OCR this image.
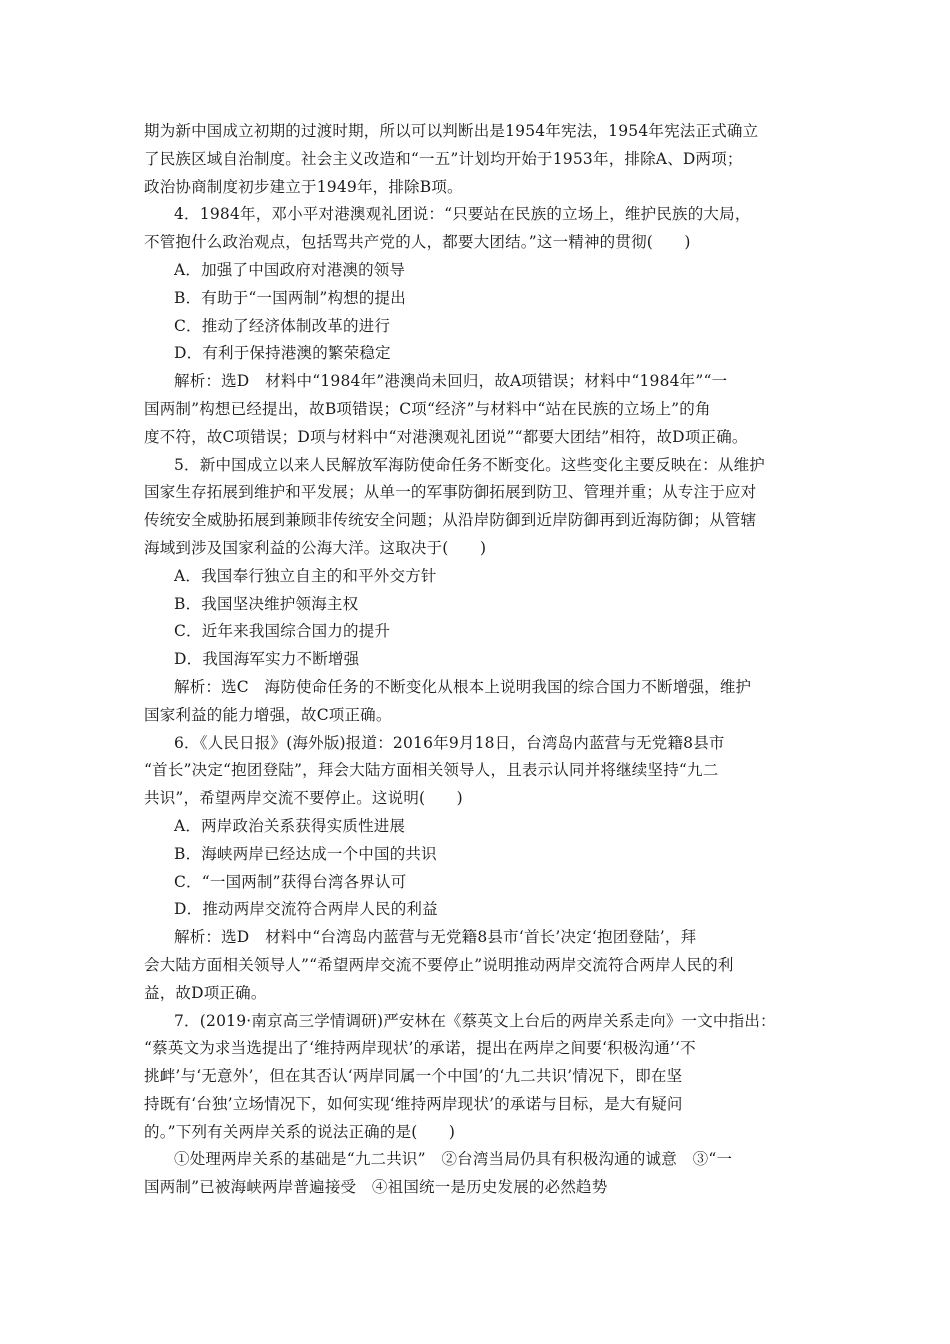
期为新中国成立初期的过渡时期，所以可以判断出是1954年宪法，1954年宪法正式确立
了民族区域自治制度。社会主义改造和“一五”计划均开始于1953年，排除A、D两项；
政治协商制度初步建立于1949年，排除B项。
4．1984年，邓小平对港澳观礼团说：“只要站在民族的立场上，维护民族的大局，
不管抱什么政治观点，包括骂共产党的人，都要大团结。”这一精神的贯彻(　　)
A．加强了中国政府对港澳的领导
B．有助于“一国两制”构想的提出
C．推动了经济体制改革的进行
D．有利于保持港澳的繁荣稳定
解析：选D　材料中“1984年”港澳尚未回归，故A项错误；材料中“1984年”“一
国两制”构想已经提出，故B项错误；C项“经济”与材料中“站在民族的立场上”的角
度不符，故C项错误；D项与材料中“对港澳观礼团说”“都要大团结”相符，故D项正确。
5．新中国成立以来人民解放军海防使命任务不断变化。这些变化主要反映在：从维护
国家生存拓展到维护和平发展；从单一的军事防御拓展到防卫、管理并重；从专注于应对
传统安全威胁拓展到兼顾非传统安全问题；从沿岸防御到近岸防御再到近海防御；从管辖
海域到涉及国家利益的公海大洋。这取决于(　　)
A．我国奉行独立自主的和平外交方针
B．我国坚决维护领海主权
C．近年来我国综合国力的提升
D．我国海军实力不断增强
解析：选C　海防使命任务的不断变化从根本上说明我国的综合国力不断增强，维护
国家利益的能力增强，故C项正确。
6．《人民日报》(海外版)报道：2016年9月18日，台湾岛内蓝营与无党籍8县市
“首长”决定“抱团登陆”，拜会大陆方面相关领导人，且表示认同并将继续坚持“九二
共识”，希望两岸交流不要停止。这说明(　　)
A．两岸政治关系获得实质性进展
B．海峡两岸已经达成一个中国的共识
C．“一国两制”获得台湾各界认可
D．推动两岸交流符合两岸人民的利益
解析：选D　材料中“台湾岛内蓝营与无党籍8县市‘首长’决定‘抱团登陆’，拜
会大陆方面相关领导人”“希望两岸交流不要停止”说明推动两岸交流符合两岸人民的利
益，故D项正确。
7．(2019·南京高三学情调研)严安林在《蔡英文上台后的两岸关系走向》一文中指出：
“蔡英文为求当选提出了‘维持两岸现状’的承诺，提出在两岸之间要‘积极沟通’‘不
挑衅’与‘无意外’，但在其否认‘两岸同属一个中国’的‘九二共识’情况下，即在坚
持既有‘台独’立场情况下，如何实现‘维持两岸现状’的承诺与目标，是大有疑问
的。”下列有关两岸关系的说法正确的是(　　)
①处理两岸关系的基础是“九二共识”　②台湾当局仍具有积极沟通的诚意　③“一
国两制”已被海峡两岸普遍接受　④祖国统一是历史发展的必然趋势
